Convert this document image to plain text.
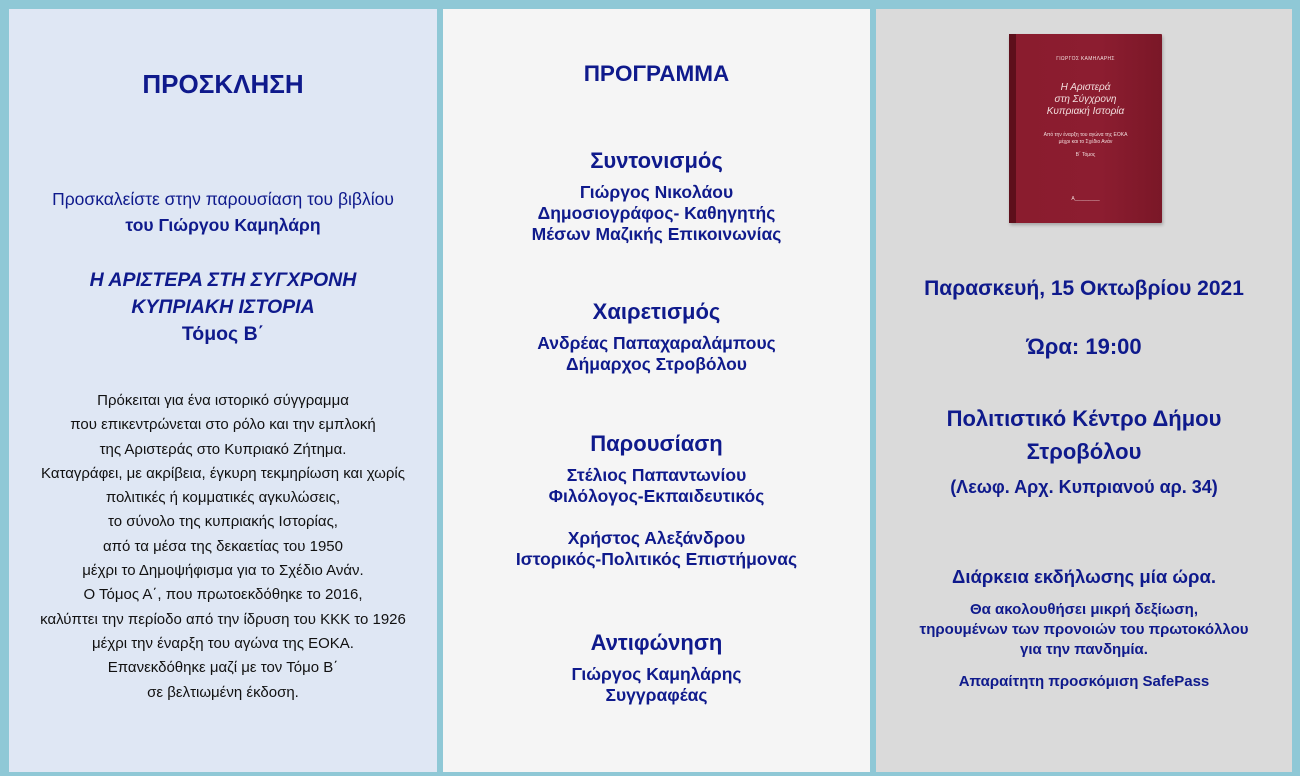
ΠΡΟΣΚΛΗΣΗ
Προσκαλείστε στην παρουσίαση του βιβλίου
του Γιώργου Καμηλάρη
Η ΑΡΙΣΤΕΡΑ ΣΤΗ ΣΥΓΧΡΟΝΗ
ΚΥΠΡΙΑΚΗ ΙΣΤΟΡΙΑ
Τόμος Β΄
Πρόκειται για ένα ιστορικό σύγγραμμα
που επικεντρώνεται στο ρόλο και την εμπλοκή
της Αριστεράς στο Κυπριακό Ζήτημα.
Καταγράφει, με ακρίβεια, έγκυρη τεκμηρίωση και χωρίς
πολιτικές ή κομματικές αγκυλώσεις,
το σύνολο της κυπριακής Ιστορίας,
από τα μέσα της δεκαετίας του 1950
μέχρι το Δημοψήφισμα για το Σχέδιο Ανάν.
Ο Τόμος Α΄, που πρωτοεκδόθηκε το 2016,
καλύπτει την περίοδο από την ίδρυση του ΚΚΚ το 1926
μέχρι την έναρξη του αγώνα της ΕΟΚΑ.
Επανεκδόθηκε μαζί με τον Τόμο Β΄
σε βελτιωμένη έκδοση.
ΠΡΟΓΡΑΜΜΑ
Συντονισμός
Γιώργος Νικολάου
Δημοσιογράφος- Καθηγητής
Μέσων Μαζικής Επικοινωνίας
Χαιρετισμός
Ανδρέας Παπαχαραλάμπους
Δήμαρχος Στροβόλου
Παρουσίαση
Στέλιος Παπαντωνίου
Φιλόλογος-Εκπαιδευτικός
Χρήστος Αλεξάνδρου
Ιστορικός-Πολιτικός Επιστήμονας
Αντιφώνηση
Γιώργος Καμηλάρης
Συγγραφέας
ΓΙΩΡΓΟΣ ΚΑΜΗΛΑΡΗΣ
Η Αριστερά
στη Σύγχρονη
Κυπριακή Ιστορία
Από την έναρξη του αγώνα της ΕΟΚΑ
μέχρι και το Σχέδιο Ανάν
Β΄ Τόμος
Α_________
Παρασκευή, 15 Οκτωβρίου 2021
Ώρα: 19:00
Πολιτιστικό Κέντρο Δήμου
Στροβόλου
(Λεωφ. Αρχ. Κυπριανού αρ. 34)
Διάρκεια εκδήλωσης μία ώρα.
Θα ακολουθήσει μικρή δεξίωση,
τηρουμένων των προνοιών του πρωτοκόλλου
για την πανδημία.
Απαραίτητη προσκόμιση SafePass
